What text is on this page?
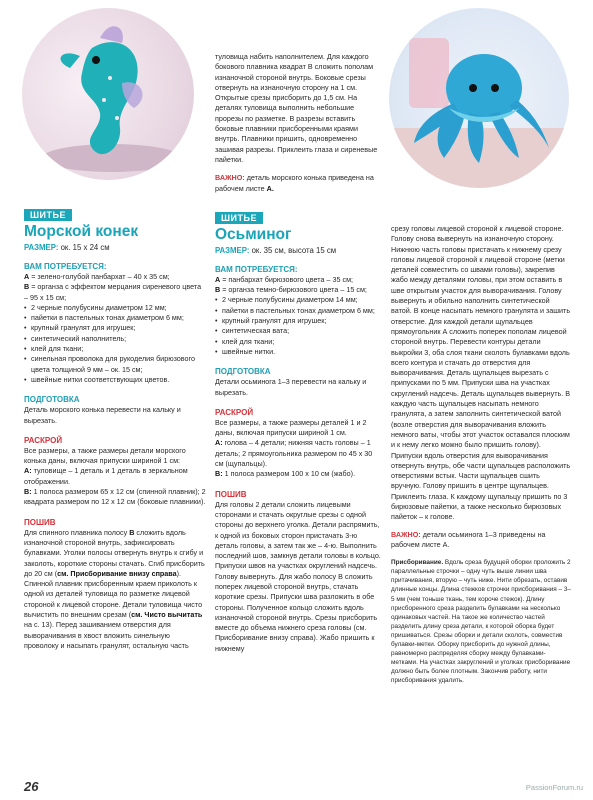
ШИТЬЕ
Морской конек
РАЗМЕР: ок. 15 х 24 см
ВАМ ПОТРЕБУЕТСЯ:
А = зелено-голубой панбархат – 40 х 35 см;
В = органза с эффектом мерцания сиреневого цвета – 95 х 15 см;
• 2 черные полубусины диаметром 12 мм;
• пайетки в пастельных тонах диаметром 6 мм;
• крупный гранулят для игрушек;
• синтетический наполнитель;
• клей для ткани;
• синельная проволока для рукоделия бирюзового цвета толщиной 9 мм – ок. 15 см;
• швейные нитки соответствующих цветов.
ПОДГОТОВКА
Деталь морского конька перевести на кальку и вырезать.
РАСКРОЙ
Все размеры, а также размеры детали морского конька даны, включая припуски шириной 1 см:
А: туловище – 1 деталь и 1 деталь в зеркальном отображении.
В: 1 полоса размером 65 х 12 см (спинной плавник); 2 квадрата размером по 12 х 12 см (боковые плавники).
ПОШИВ
Для спинного плавника полосу В сложить вдоль изнаночной стороной внутрь, зафиксировать булавками. Уголки полосы отвернуть внутрь к сгибу и заколоть, короткие стороны стачать. Сгиб присборить до 20 см (см. Присборивание внизу справа). Спинной плавник присборенным краем приколоть к одной из деталей туловища по разметке лицевой стороной к лицевой стороне. Детали туловища чисто вычистить по внешним срезам (см. Чисто вычитать на с. 13). Перед зашиванием отверстия для выворачивания в хвост вложить синельную проволоку и насыпать гранулят, остальную часть
туловища набить наполнителем. Для каждого бокового плавника квадрат В сложить пополам изнаночной стороной внутрь. Боковые срезы отвернуть на изнаночную сторону на 1 см. Открытые срезы присборить до 1,5 см. На деталях туловища выполнить небольшие прорезы по разметке. В разрезы вставить боковые плавники присборенными краями внутрь. Плавники пришить, одновременно зашивая разрезы. Приклеить глаза и сиреневые пайетки.
ВАЖНО: деталь морского конька приведена на рабочем листе А.
ШИТЬЕ
Осьминог
РАЗМЕР: ок. 35 см, высота 15 см
ВАМ ПОТРЕБУЕТСЯ:
А = панбархат бирюзового цвета – 35 см;
В = органза темно-бирюзового цвета – 15 см;
• 2 черные полубусины диаметром 14 мм;
• пайетки в пастельных тонах диаметром 6 мм;
• крупный гранулят для игрушек;
• синтетическая вата;
• клей для ткани;
• швейные нитки.
ПОДГОТОВКА
Детали осьминога 1–3 перевести на кальку и вырезать.
РАСКРОЙ
Все размеры, а также размеры деталей 1 и 2 даны, включая припуски шириной 1 см.
А: голова – 4 детали; нижняя часть головы – 1 деталь; 2 прямоугольника размером по 45 х 30 см (щупальцы).
В: 1 полоса размером 100 х 10 см (жабо).
ПОШИВ
Для головы 2 детали сложить лицевыми сторонами и стачать округлые срезы с одной стороны до верхнего уголка. Детали распрямить, к одной из боковых сторон пристачать 3-ю деталь головы, а затем так же – 4-ю. Выполнить последний шов, замкнув детали головы в кольцо. Припуски швов на участках округлений надсечь. Голову вывернуть. Для жабо полосу В сложить поперек лицевой стороной внутрь, стачать короткие срезы. Припуски шва разложить в обе стороны. Полученное кольцо сложить вдоль изнаночной стороной внутрь. Срезы присборить вместе до объема нижнего среза головы (см. Присборивание внизу справа). Жабо пришить к нижнему
срезу головы лицевой стороной к лицевой стороне. Голову снова вывернуть на изнаночную сторону. Нижнюю часть головы пристачать к нижнему срезу головы лицевой стороной к лицевой стороне (метки деталей совместить со швами головы), закрепив жабо между деталями головы, при этом оставить в шве открытым участок для выворачивания. Голову вывернуть и обильно наполнить синтетической ватой. В конце насыпать немного гранулята и зашить отверстие. Для каждой детали щупальцев прямоугольник А сложить поперек пополам лицевой стороной внутрь. Перевести контуры детали выкройки 3, оба слоя ткани сколоть булавками вдоль всего контура и стачать до отверстия для выворачивания. Деталь щупальцев вырезать с припусками по 5 мм. Припуски шва на участках скруглений надсечь. Деталь щупальцев вывернуть. В каждую часть щупальцев насыпать немного гранулята, а затем заполнить синтетической ватой (возле отверстия для выворачивания вложить немного ваты, чтобы этот участок оставался плоским и к нему легко можно было пришить голову). Припуски вдоль отверстия для выворачивания отвернуть внутрь, обе части щупальцев расположить отверстиями встык. Части щупальцев сшить вручную. Голову пришить в центре щупальцев. Приклеить глаза. К каждому щупальцу пришить по 3 бирюзовые пайетки, а также несколько бирюзовых пайеток – к голове.
ВАЖНО: детали осьминога 1–3 приведены на рабочем листе А.
Присборивание. Вдоль среза будущей оборки проложить 2 параллельные строчки – одну чуть выше линии шва притачивания, вторую – чуть ниже. Нити обрезать, оставив длинные концы. Длина стежков строчки присборивания – 3–5 мм (чем тоньше ткань, тем короче стежок). Длину присборенного среза разделить булавками на несколько одинаковых частей. На такое же количество частей разделить длину среза детали, к которой оборка будет пришиваться. Срезы оборки и детали сколоть, совместив булавки-метки. Оборку присборить до нужной длины, равномерно распределяя сборку между булавками-метками. На участках закруглений и уголках присборивание должно быть более плотным. Закончив работу, нити присборивания удалить.
26	PassionForum.ru
